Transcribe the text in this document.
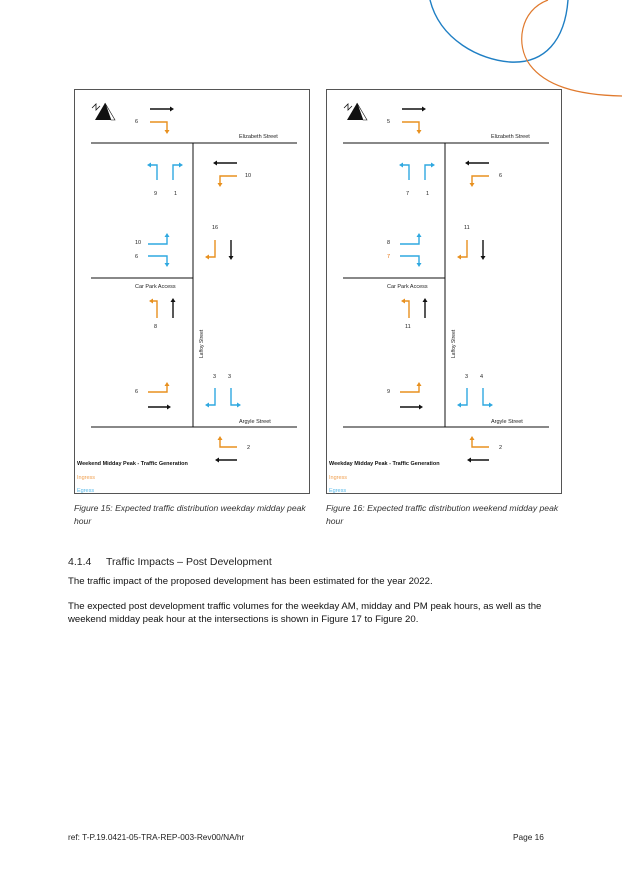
6
Elizabeth Street
9	1
10
16
10
6
Car Park Access
8
Laffoy Street
3 3
6
Argyle Street
2
Weekend Midday Peak - Traffic Generation
Ingress
Egress
Figure 15: Expected traffic distribution weekday midday peak hour
5
Elizabeth Street
7	1
6
11
8
7
Car Park Access
11
Laffoy Street
3 4
9
Argyle Street
2
Weekday Midday Peak - Traffic Generation
Ingress
Egress
Figure 16: Expected traffic distribution weekend midday peak hour
4.1.4 Traffic Impacts – Post Development
The traffic impact of the proposed development has been estimated for the year 2022.
The expected post development traffic volumes for the weekday AM, midday and PM peak hours, as well as the weekend midday peak hour at the intersections is shown in Figure 17 to Figure 20.
ref: T-P.19.0421-05-TRA-REP-003-Rev00/NA/hr	Page 16
